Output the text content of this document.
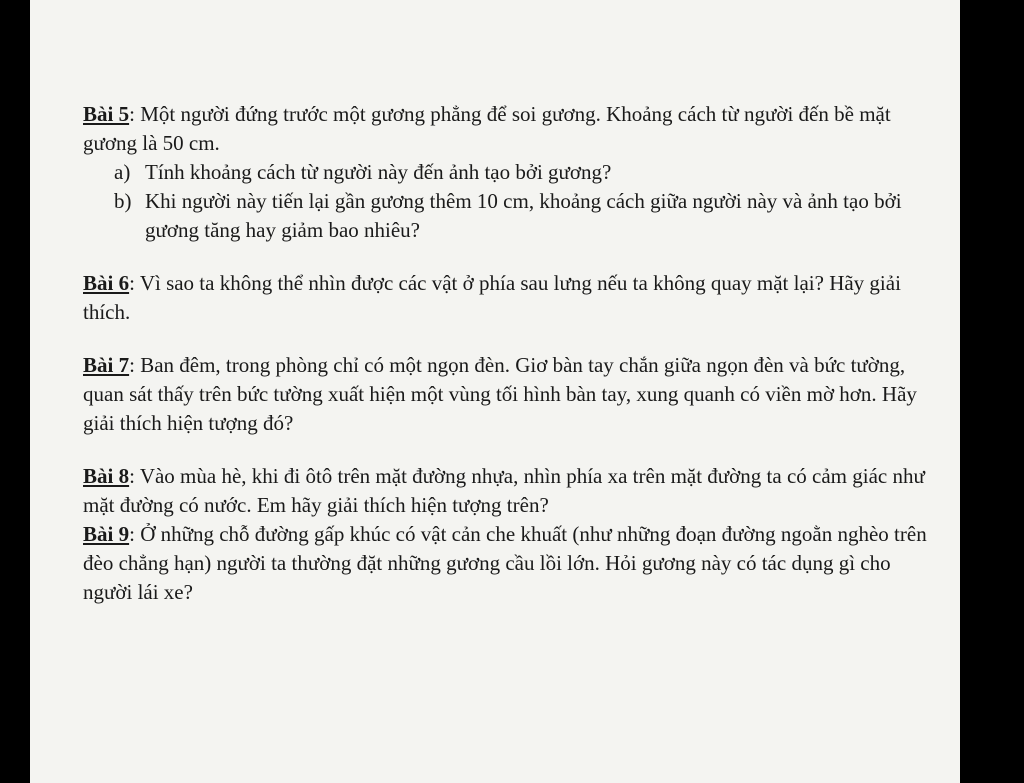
Bài 5: Một người đứng trước một gương phẳng để soi gương. Khoảng cách từ người đến bề mặt gương là 50 cm.

a) Tính khoảng cách từ người này đến ảnh tạo bởi gương?
b) Khi người này tiến lại gần gương thêm 10 cm, khoảng cách giữa người này và ảnh tạo bởi gương tăng hay giảm bao nhiêu?

Bài 6: Vì sao ta không thể nhìn được các vật ở phía sau lưng nếu ta không quay mặt lại? Hãy giải thích.

Bài 7: Ban đêm, trong phòng chỉ có một ngọn đèn. Giơ bàn tay chắn giữa ngọn đèn và bức tường, quan sát thấy trên bức tường xuất hiện một vùng tối hình bàn tay, xung quanh có viền mờ hơn. Hãy giải thích hiện tượng đó?

Bài 8: Vào mùa hè, khi đi ôtô trên mặt đường nhựa, nhìn phía xa trên mặt đường ta có cảm giác như mặt đường có nước. Em hãy giải thích hiện tượng trên?

Bài 9: Ở những chỗ đường gấp khúc có vật cản che khuất (như những đoạn đường ngoằn nghèo trên đèo chẳng hạn) người ta thường đặt những gương cầu lồi lớn. Hỏi gương này có tác dụng gì cho người lái xe?
